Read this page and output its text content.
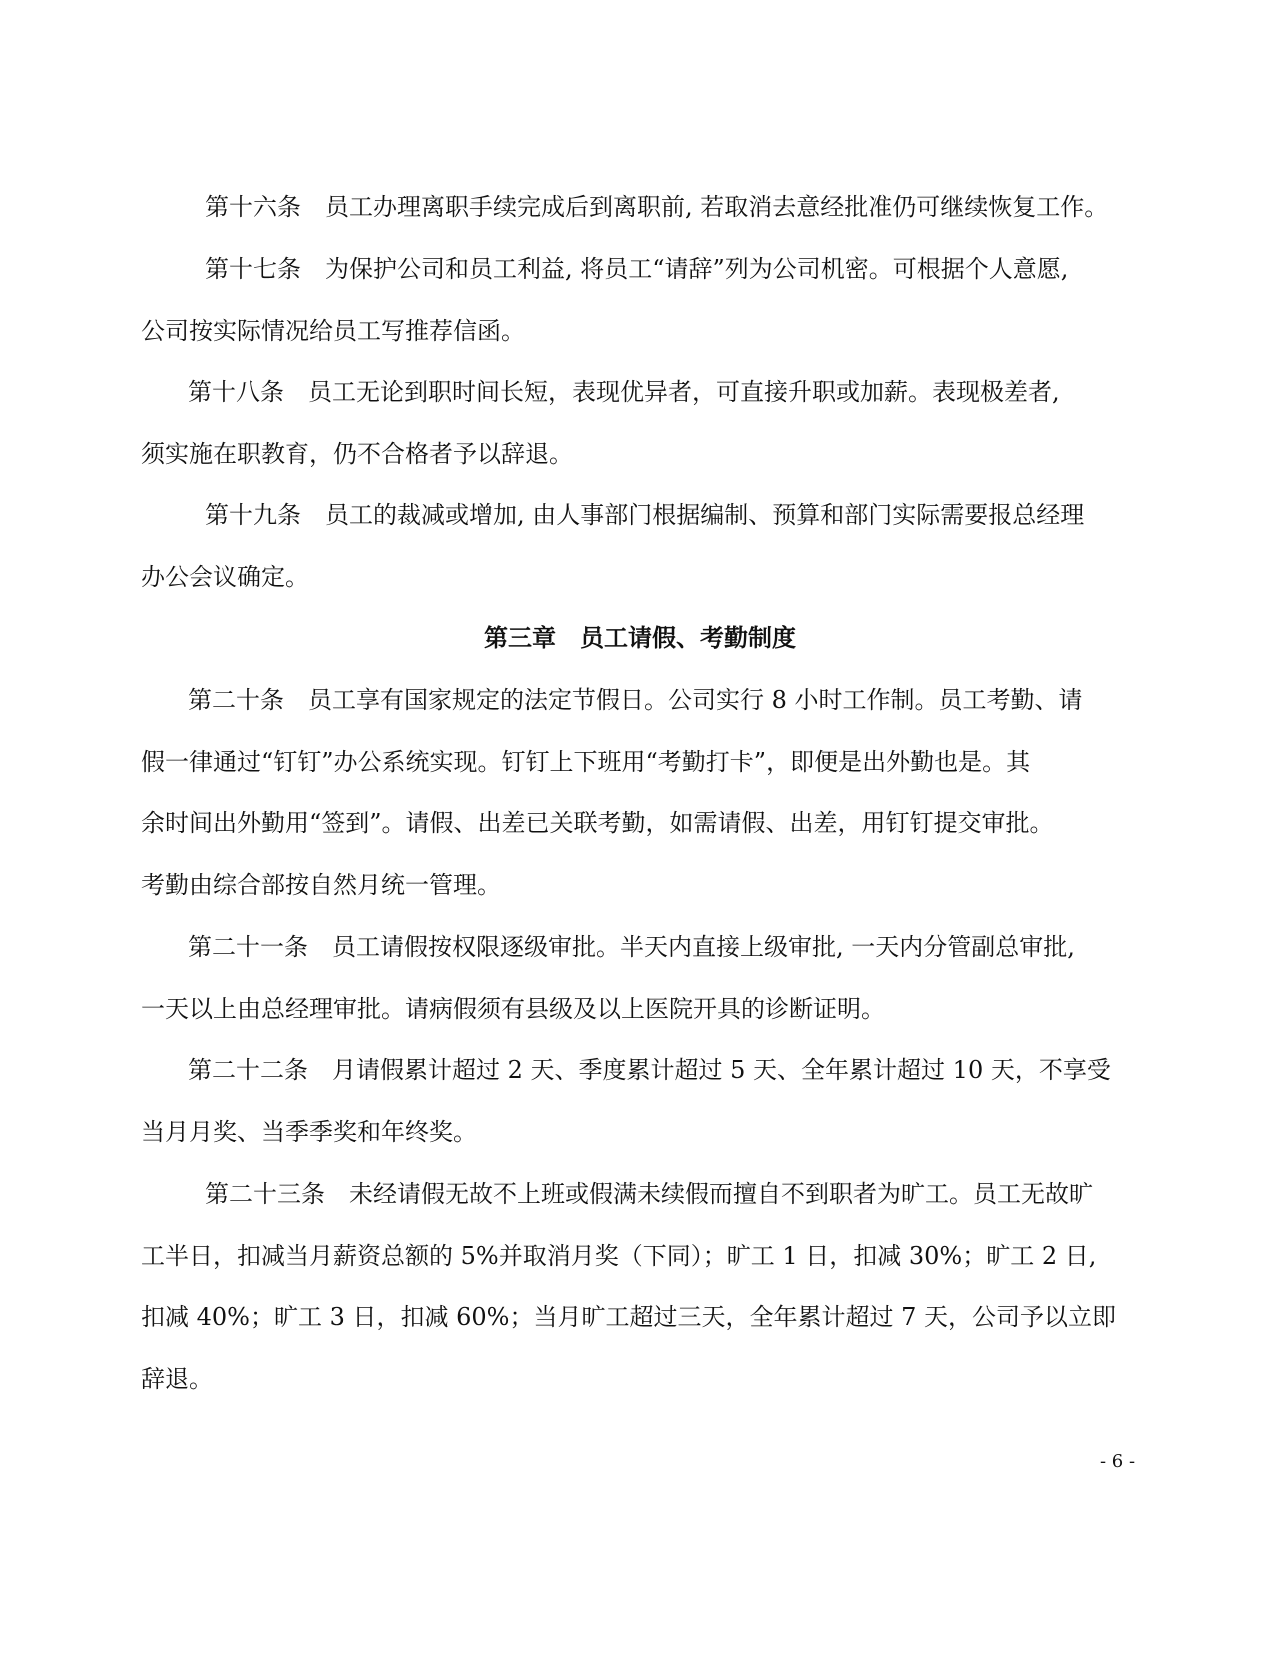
第十六条　员工办理离职手续完成后到离职前, 若取消去意经批准仍可继续恢复工作。
第十七条　为保护公司和员工利益, 将员工“请辞”列为公司机密。可根据个人意愿,
公司按实际情况给员工写推荐信函。
第十八条　员工无论到职时间长短，表现优异者，可直接升职或加薪。表现极差者,
须实施在职教育，仍不合格者予以辞退。
第十九条　员工的裁减或增加, 由人事部门根据编制、预算和部门实际需要报总经理
办公会议确定。
第三章　员工请假、考勤制度
第二十条　员工享有国家规定的法定节假日。公司实行 8 小时工作制。员工考勤、请
假一律通过“钉钉”办公系统实现。钉钉上下班用“考勤打卡”，即便是出外勤也是。其
余时间出外勤用“签到”。请假、出差已关联考勤，如需请假、出差，用钉钉提交审批。
考勤由综合部按自然月统一管理。
第二十一条　员工请假按权限逐级审批。半天内直接上级审批, 一天内分管副总审批,
一天以上由总经理审批。请病假须有县级及以上医院开具的诊断证明。
第二十二条　月请假累计超过 2 天、季度累计超过 5 天、全年累计超过 10 天，不享受
当月月奖、当季季奖和年终奖。
第二十三条　未经请假无故不上班或假满未续假而擅自不到职者为旷工。员工无故旷
工半日，扣减当月薪资总额的 5%并取消月奖（下同）；旷工 1 日，扣减 30%；旷工 2 日,
扣减 40%；旷工 3 日，扣减 60%；当月旷工超过三天，全年累计超过 7 天，公司予以立即
辞退。
- 6 -
